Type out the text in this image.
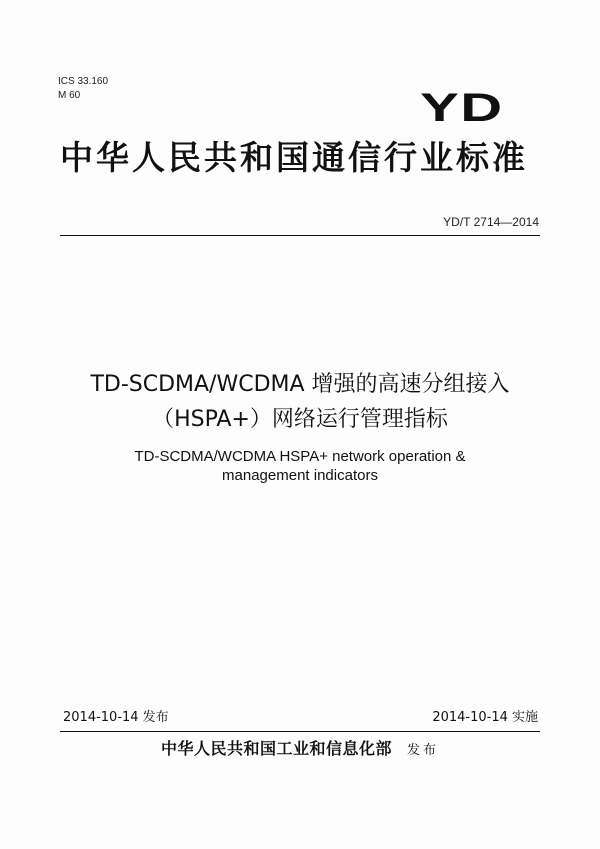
ICS 33.160
M 60	YD
中华人民共和国通信行业标准
YD/T 2714—2014
TD-SCDMA/WCDMA 增强的高速分组接入
（HSPA+）网络运行管理指标
TD-SCDMA/WCDMA HSPA+ network operation &
management indicators
2014-10-14 发布	2014-10-14 实施
中华人民共和国工业和信息化部 发布
